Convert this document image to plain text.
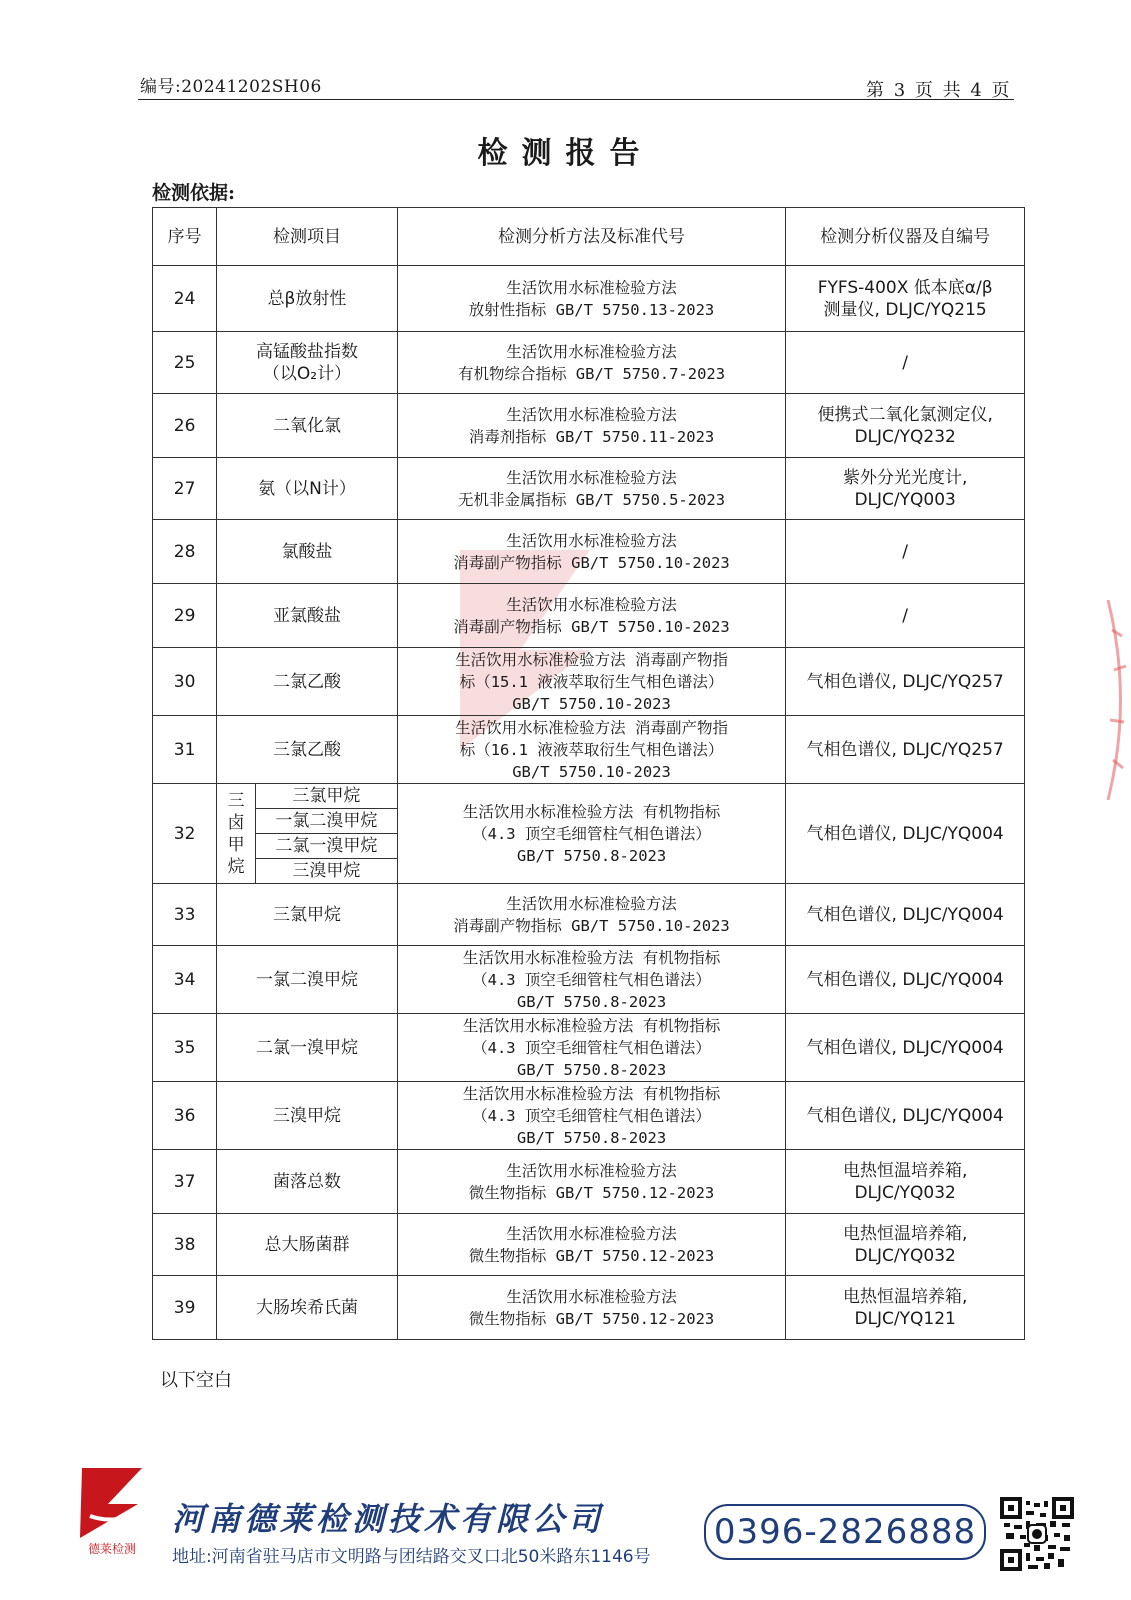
编号:20241202SH06	第 3 页 共 4 页
检测报告
检测依据:
序号	检测项目		检测分析方法及标准代号	检测分析仪器及自编号
24	总β放射性		生活饮用水标准检验方法
放射性指标 GB/T 5750.13-2023	FYFS-400X 低本底α/β
测量仪, DLJC/YQ215

25	高锰酸盐指数
（以O₂计）		生活饮用水标准检验方法
有机物综合指标 GB/T 5750.7-2023	/

26	二氧化氯		生活饮用水标准检验方法
消毒剂指标 GB/T 5750.11-2023	便携式二氧化氯测定仪,
DLJC/YQ232

27	氨（以N计）		生活饮用水标准检验方法
无机非金属指标 GB/T 5750.5-2023	紫外分光光度计,
DLJC/YQ003

28	氯酸盐		生活饮用水标准检验方法
消毒副产物指标 GB/T 5750.10-2023	/

29	亚氯酸盐		生活饮用水标准检验方法
消毒副产物指标 GB/T 5750.10-2023	/

30	二氯乙酸		生活饮用水标准检验方法 消毒副产物指
标（15.1 液液萃取衍生气相色谱法）
GB/T 5750.10-2023	气相色谱仪, DLJC/YQ257

31	三氯乙酸		生活饮用水标准检验方法 消毒副产物指
标（16.1 液液萃取衍生气相色谱法）
GB/T 5750.10-2023	气相色谱仪, DLJC/YQ257

32	三卤甲烷	三氯甲烷	生活饮用水标准检验方法 有机物指标
（4.3 顶空毛细管柱气相色谱法）
GB/T 5750.8-2023	气相色谱仪, DLJC/YQ004

		一氯二溴甲烷		
		二氯一溴甲烷		
		三溴甲烷		
33	三氯甲烷		生活饮用水标准检验方法
消毒副产物指标 GB/T 5750.10-2023	气相色谱仪, DLJC/YQ004

34	一氯二溴甲烷		生活饮用水标准检验方法 有机物指标
（4.3 顶空毛细管柱气相色谱法）
GB/T 5750.8-2023	气相色谱仪, DLJC/YQ004

35	二氯一溴甲烷		生活饮用水标准检验方法 有机物指标
（4.3 顶空毛细管柱气相色谱法）
GB/T 5750.8-2023	气相色谱仪, DLJC/YQ004

36	三溴甲烷		生活饮用水标准检验方法 有机物指标
（4.3 顶空毛细管柱气相色谱法）
GB/T 5750.8-2023	气相色谱仪, DLJC/YQ004

37	菌落总数		生活饮用水标准检验方法
微生物指标 GB/T 5750.12-2023	电热恒温培养箱,
DLJC/YQ032

38	总大肠菌群		生活饮用水标准检验方法
微生物指标 GB/T 5750.12-2023	电热恒温培养箱,
DLJC/YQ032

39	大肠埃希氏菌		生活饮用水标准检验方法
微生物指标 GB/T 5750.12-2023	电热恒温培养箱,
DLJC/YQ121
以下空白
德莱检测
河南德莱检测技术有限公司
地址:河南省驻马店市文明路与团结路交叉口北50米路东1146号
0396-2826888
